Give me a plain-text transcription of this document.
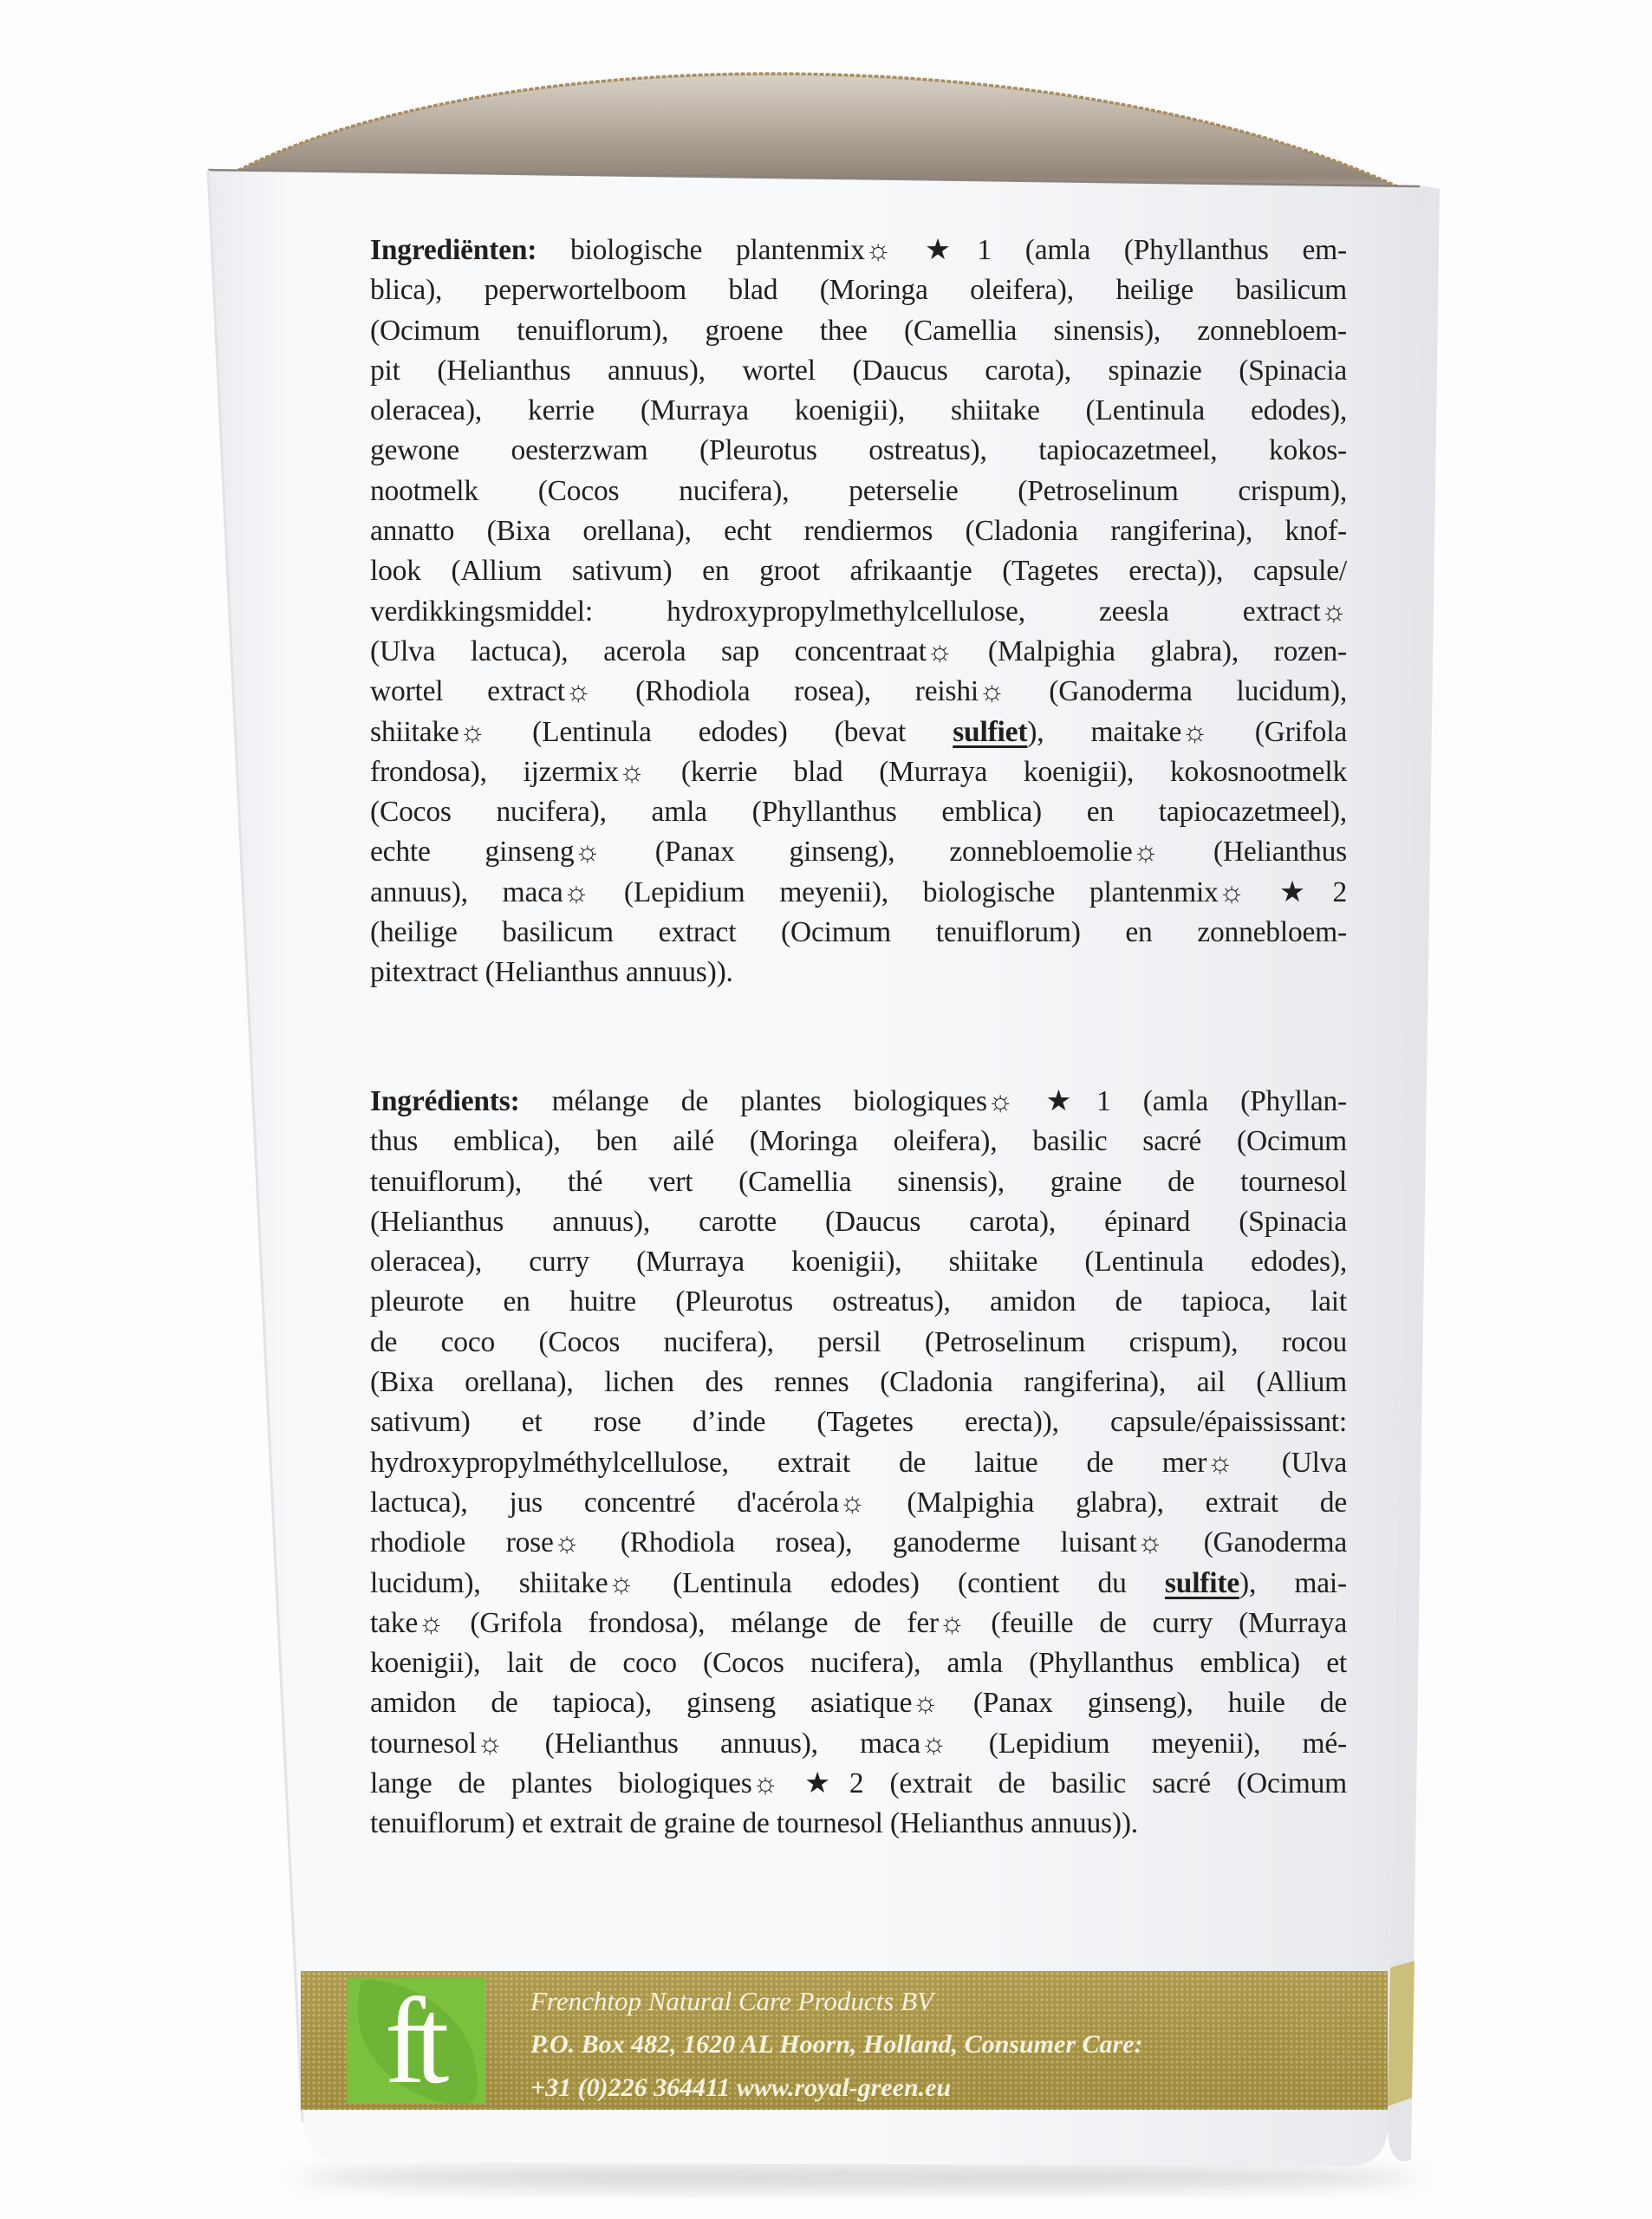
Ingrediënten: biologische plantenmix☼ ★1 (amla (Phyllanthus em-
blica), peperwortelboom blad (Moringa oleifera), heilige basilicum
(Ocimum tenuiflorum), groene thee (Camellia sinensis), zonnebloem-
pit (Helianthus annuus), wortel (Daucus carota), spinazie (Spinacia
oleracea), kerrie (Murraya koenigii), shiitake (Lentinula edodes),
gewone oesterzwam (Pleurotus ostreatus), tapiocazetmeel, kokos-
nootmelk (Cocos nucifera), peterselie (Petroselinum crispum),
annatto (Bixa orellana), echt rendiermos (Cladonia rangiferina), knof-
look (Allium sativum) en groot afrikaantje (Tagetes erecta)), capsule/
verdikkingsmiddel: hydroxypropylmethylcellulose, zeesla extract☼
(Ulva lactuca), acerola sap concentraat☼ (Malpighia glabra), rozen-
wortel extract☼ (Rhodiola rosea), reishi☼ (Ganoderma lucidum),
shiitake☼ (Lentinula edodes) (bevat sulfiet), maitake☼ (Grifola
frondosa), ijzermix☼ (kerrie blad (Murraya koenigii), kokosnootmelk
(Cocos nucifera), amla (Phyllanthus emblica) en tapiocazetmeel),
echte ginseng☼ (Panax ginseng), zonnebloemolie☼ (Helianthus
annuus), maca☼ (Lepidium meyenii), biologische plantenmix☼ ★2
(heilige basilicum extract (Ocimum tenuiflorum) en zonnebloem-
pitextract (Helianthus annuus)).
Ingrédients: mélange de plantes biologiques☼ ★1 (amla (Phyllan-
thus emblica), ben ailé (Moringa oleifera), basilic sacré (Ocimum
tenuiflorum), thé vert (Camellia sinensis), graine de tournesol
(Helianthus annuus), carotte (Daucus carota), épinard (Spinacia
oleracea), curry (Murraya koenigii), shiitake (Lentinula edodes),
pleurote en huitre (Pleurotus ostreatus), amidon de tapioca, lait
de coco (Cocos nucifera), persil (Petroselinum crispum), rocou
(Bixa orellana), lichen des rennes (Cladonia rangiferina), ail (Allium
sativum) et rose d’inde (Tagetes erecta)), capsule/épaississant:
hydroxypropylméthylcellulose, extrait de laitue de mer☼ (Ulva
lactuca), jus concentré d'acérola☼ (Malpighia glabra), extrait de
rhodiole rose☼ (Rhodiola rosea), ganoderme luisant☼ (Ganoderma
lucidum), shiitake☼ (Lentinula edodes) (contient du sulfite), mai-
take☼ (Grifola frondosa), mélange de fer☼ (feuille de curry (Murraya
koenigii), lait de coco (Cocos nucifera), amla (Phyllanthus emblica) et
amidon de tapioca), ginseng asiatique☼ (Panax ginseng), huile de
tournesol☼ (Helianthus annuus), maca☼ (Lepidium meyenii), mé-
lange de plantes biologiques☼ ★2 (extrait de basilic sacré (Ocimum
tenuiflorum) et extrait de graine de tournesol (Helianthus annuus)).
ft	Frenchtop Natural Care Products BV
P.O. Box 482, 1620 AL Hoorn, Holland, Consumer Care:
+31 (0)226 364411 www.royal-green.eu
